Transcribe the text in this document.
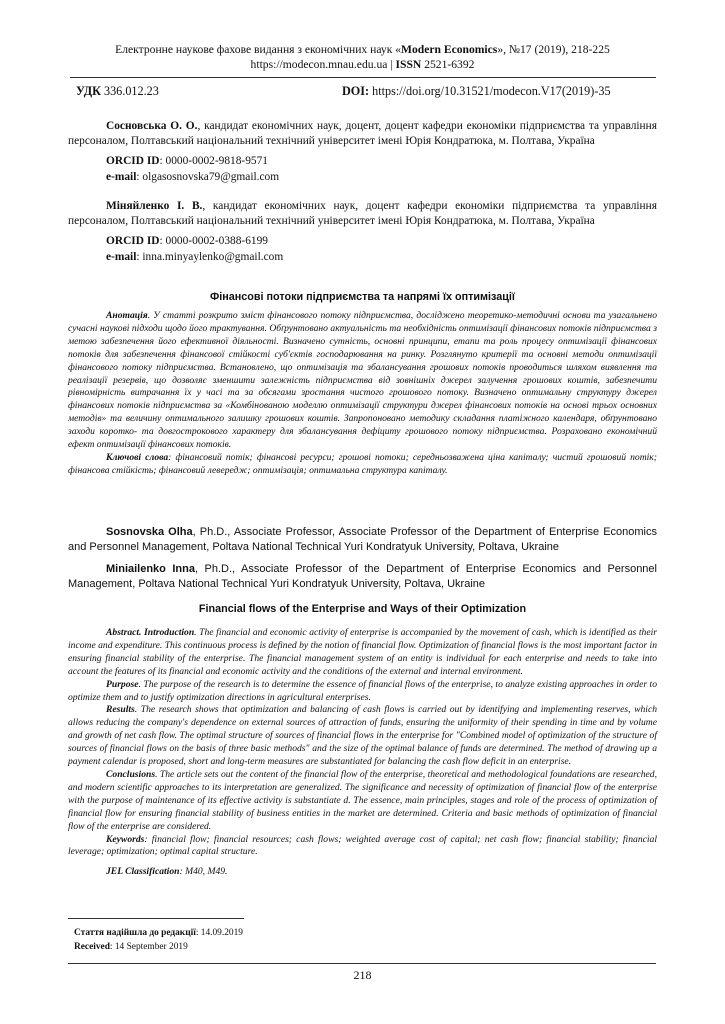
Електронне наукове фахове видання з економічних наук «Modern Economics», №17 (2019), 218-225
https://modecon.mnau.edu.ua | ISSN 2521-6392
УДК 336.012.23	DOI: https://doi.org/10.31521/modecon.V17(2019)-35
Сосновська О. О., кандидат економічних наук, доцент, доцент кафедри економіки підприємства та управління персоналом, Полтавський національний технічний університет імені Юрія Кондратюка, м. Полтава, Україна
ORCID ID: 0000-0002-9818-9571
e-mail: olgasosnovska79@gmail.com
Міняйленко І. В., кандидат економічних наук, доцент кафедри економіки підприємства та управління персоналом, Полтавський національний технічний університет імені Юрія Кондратюка, м. Полтава, Україна
ORCID ID: 0000-0002-0388-6199
e-mail: inna.minyaylenko@gmail.com
Фінансові потоки підприємства та напрямі їх оптимізації

Анотація. У статті розкрито зміст фінансового потоку підприємства, досліджено теоретико-методичні основи та узагальнено сучасні наукові підходи щодо його трактування. Обґрунтовано актуальність та необхідність оптимізації фінансових потоків підприємства з метою забезпечення його ефективної діяльності. Визначено сутність, основні принципи, етапи та роль процесу оптимізації фінансових потоків для забезпечення фінансової стійкості суб'єктів господарювання на ринку. Розглянуто критерії та основні методи оптимізації фінансового потоку підприємства. Встановлено, що оптимізація та збалансування грошових потоків проводиться шляхом виявлення та реалізації резервів, що дозволяє зменшити залежність підприємства від зовнішніх джерел залучення грошових коштів, забезпечити рівномірність витрачання їх у часі та за обсягами зростання чистого грошового потоку. Визначено оптимальну структуру джерел фінансових потоків підприємства за «Комбінованою моделлю оптимізації структури джерел фінансових потоків на основі трьох основних методів» та величину оптимального залишку грошових коштів. Запропоновано методику складання платіжного календаря, обґрунтовано заходи коротко- та довгострокового характеру для збалансування дефіциту грошового потоку підприємства. Розраховано економічний ефект оптимізації фінансових потоків.

Ключові слова: фінансовий потік; фінансові ресурси; грошові потоки; середньозважена ціна капіталу; чистий грошовий потік; фінансова стійкість; фінансовий левередж; оптимізація; оптимальна структура капіталу.

Sosnovska Olha, Ph.D., Associate Professor, Associate Professor of the Department of Enterprise Economics and Personnel Management, Poltava National Technical Yuri Kondratyuk University, Poltava, Ukraine

Miniailenko Inna, Ph.D., Associate Professor of the Department of Enterprise Economics and Personnel Management, Poltava National Technical Yuri Kondratyuk University, Poltava, Ukraine

Financial flows of the Enterprise and Ways of their Optimization

Abstract. Introduction. The financial and economic activity of enterprise is accompanied by the movement of cash, which is identified as their income and expenditure. This continuous process is defined by the notion of financial flow. Optimization of financial flows is the most important factor in ensuring financial stability of the enterprise. The financial management system of an entity is individual for each enterprise and needs to take into account the features of its financial and economic activity and the conditions of the external and internal environment.

Purpose. The purpose of the research is to determine the essence of financial flows of the enterprise, to analyze existing approaches in order to optimize them and to justify optimization directions in agricultural enterprises.

Results. The research shows that optimization and balancing of cash flows is carried out by identifying and implementing reserves, which allows reducing the company's dependence on external sources of attraction of funds, ensuring the uniformity of their spending in time and by volume and growth of net cash flow. The optimal structure of sources of financial flows in the enterprise for "Combined model of optimization of the structure of sources of financial flows on the basis of three basic methods" and the size of the optimal balance of funds are determined. The method of drawing up a payment calendar is proposed, short and long-term measures are substantiated for balancing the cash flow deficit in an enterprise.

Conclusions. The article sets out the content of the financial flow of the enterprise, theoretical and methodological foundations are researched, and modern scientific approaches to its interpretation are generalized. The significance and necessity of optimization of financial flow of the enterprise with the purpose of maintenance of its effective activity is substantiate d. The essence, main principles, stages and role of the process of optimization of financial flow for ensuring financial stability of business entities in the market are determined. Criteria and basic methods of optimization of financial flow of the enterprise are considered.

Keywords: financial flow; financial resources; cash flows; weighted average cost of capital; net cash flow; financial stability; financial leverage; optimization; optimal capital structure.

JEL Classification: M40, M49.

Стаття надійшла до редакції: 14.09.2019
Received: 14 September 2019
218
